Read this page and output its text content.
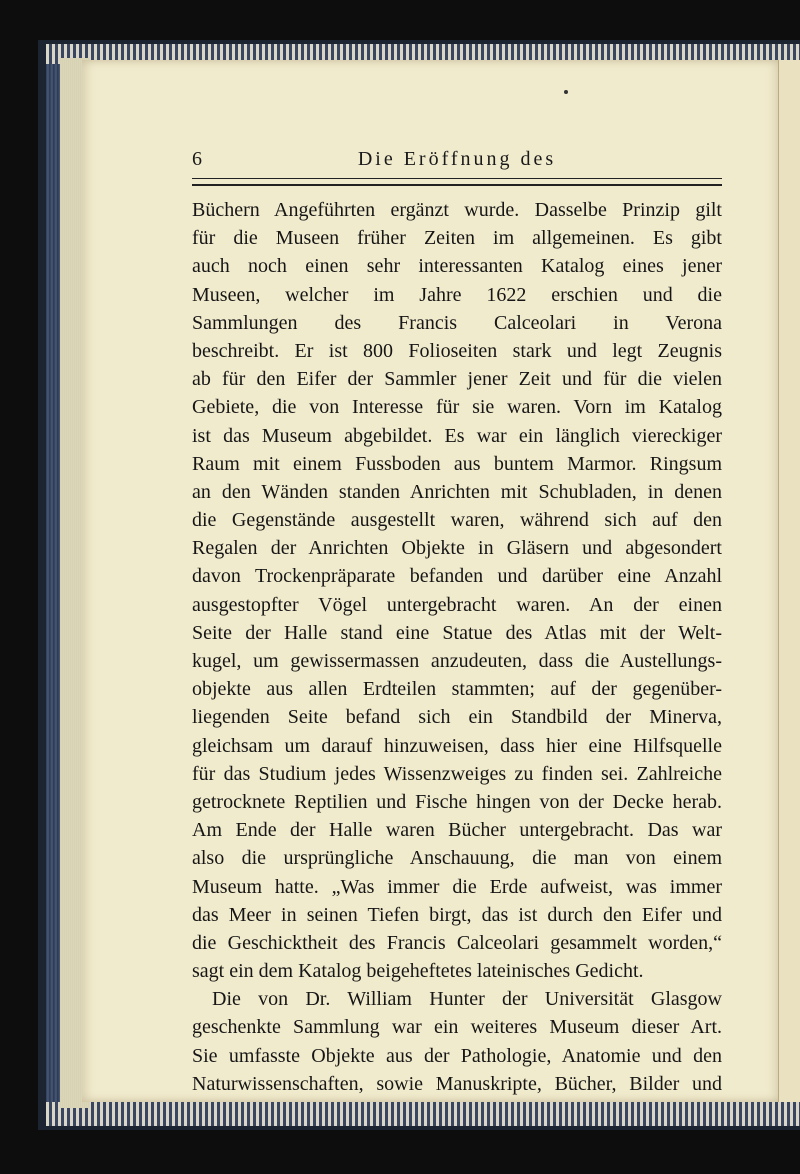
6	Die Eröffnung des
Büchern Angeführten ergänzt wurde. Dasselbe Prinzip gilt
für die Museen früher Zeiten im allgemeinen. Es gibt
auch noch einen sehr interessanten Katalog eines jener
Museen, welcher im Jahre 1622 erschien und die
Sammlungen des Francis Calceolari in Verona
beschreibt. Er ist 800 Folioseiten stark und legt Zeugnis
ab für den Eifer der Sammler jener Zeit und für die vielen
Gebiete, die von Interesse für sie waren. Vorn im Katalog
ist das Museum abgebildet. Es war ein länglich viereckiger
Raum mit einem Fussboden aus buntem Marmor. Ringsum
an den Wänden standen Anrichten mit Schubladen, in denen
die Gegenstände ausgestellt waren, während sich auf den
Regalen der Anrichten Objekte in Gläsern und abgesondert
davon Trockenpräparate befanden und darüber eine Anzahl
ausgestopfter Vögel untergebracht waren. An der einen
Seite der Halle stand eine Statue des Atlas mit der Welt-
kugel, um gewissermassen anzudeuten, dass die Austellungs-
objekte aus allen Erdteilen stammten; auf der gegenüber-
liegenden Seite befand sich ein Standbild der Minerva,
gleichsam um darauf hinzuweisen, dass hier eine Hilfsquelle
für das Studium jedes Wissenzweiges zu finden sei. Zahlreiche
getrocknete Reptilien und Fische hingen von der Decke herab.
Am Ende der Halle waren Bücher untergebracht. Das war
also die ursprüngliche Anschauung, die man von einem
Museum hatte. „Was immer die Erde aufweist, was immer
das Meer in seinen Tiefen birgt, das ist durch den Eifer und
die Geschicktheit des Francis Calceolari gesammelt worden,“
sagt ein dem Katalog beigeheftetes lateinisches Gedicht.
Die von Dr. William Hunter der Universität Glasgow
geschenkte Sammlung war ein weiteres Museum dieser Art.
Sie umfasste Objekte aus der Pathologie, Anatomie und den
Naturwissenschaften, sowie Manuskripte, Bücher, Bilder und
